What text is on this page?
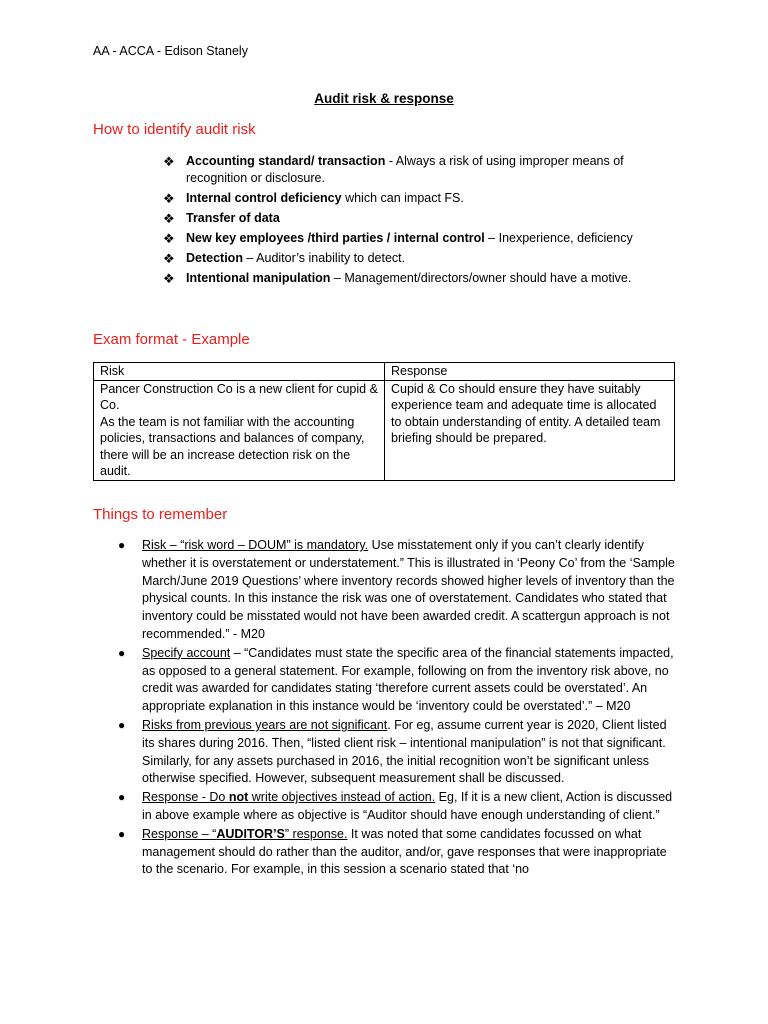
AA - ACCA - Edison Stanely
Audit risk & response
How to identify audit risk
❖ Accounting standard/ transaction - Always a risk of using improper means of recognition or disclosure.
❖ Internal control deficiency which can impact FS.
❖ Transfer of data
❖ New key employees /third parties / internal control – Inexperience, deficiency
❖ Detection – Auditor’s inability to detect.
❖ Intentional manipulation – Management/directors/owner should have a motive.
Exam format - Example
Risk	Response

Pancer Construction Co is a new client for cupid & Co.
As the team is not familiar with the accounting policies, transactions and balances of company, there will be an increase detection risk on the audit.	Cupid & Co should ensure they have suitably experience team and adequate time is allocated to obtain understanding of entity. A detailed team briefing should be prepared.
Things to remember
● Risk – “risk word – DOUM” is mandatory. Use misstatement only if you can’t clearly identify whether it is overstatement or understatement.” This is illustrated in ‘Peony Co’ from the ‘Sample March/June 2019 Questions’ where inventory records showed higher levels of inventory than the physical counts. In this instance the risk was one of overstatement. Candidates who stated that inventory could be misstated would not have been awarded credit. A scattergun approach is not recommended.” - M20
● Specify account – “Candidates must state the specific area of the financial statements impacted, as opposed to a general statement. For example, following on from the inventory risk above, no credit was awarded for candidates stating ‘therefore current assets could be overstated’. An appropriate explanation in this instance would be ‘inventory could be overstated’.” – M20
● Risks from previous years are not significant. For eg, assume current year is 2020, Client listed its shares during 2016. Then, “listed client risk – intentional manipulation” is not that significant. Similarly, for any assets purchased in 2016, the initial recognition won’t be significant unless otherwise specified. However, subsequent measurement shall be discussed.
● Response - Do not write objectives instead of action. Eg, If it is a new client, Action is discussed in above example where as objective is “Auditor should have enough understanding of client.”
● Response – “AUDITOR’S” response. It was noted that some candidates focussed on what management should do rather than the auditor, and/or, gave responses that were inappropriate to the scenario. For example, in this session a scenario stated that ‘no
